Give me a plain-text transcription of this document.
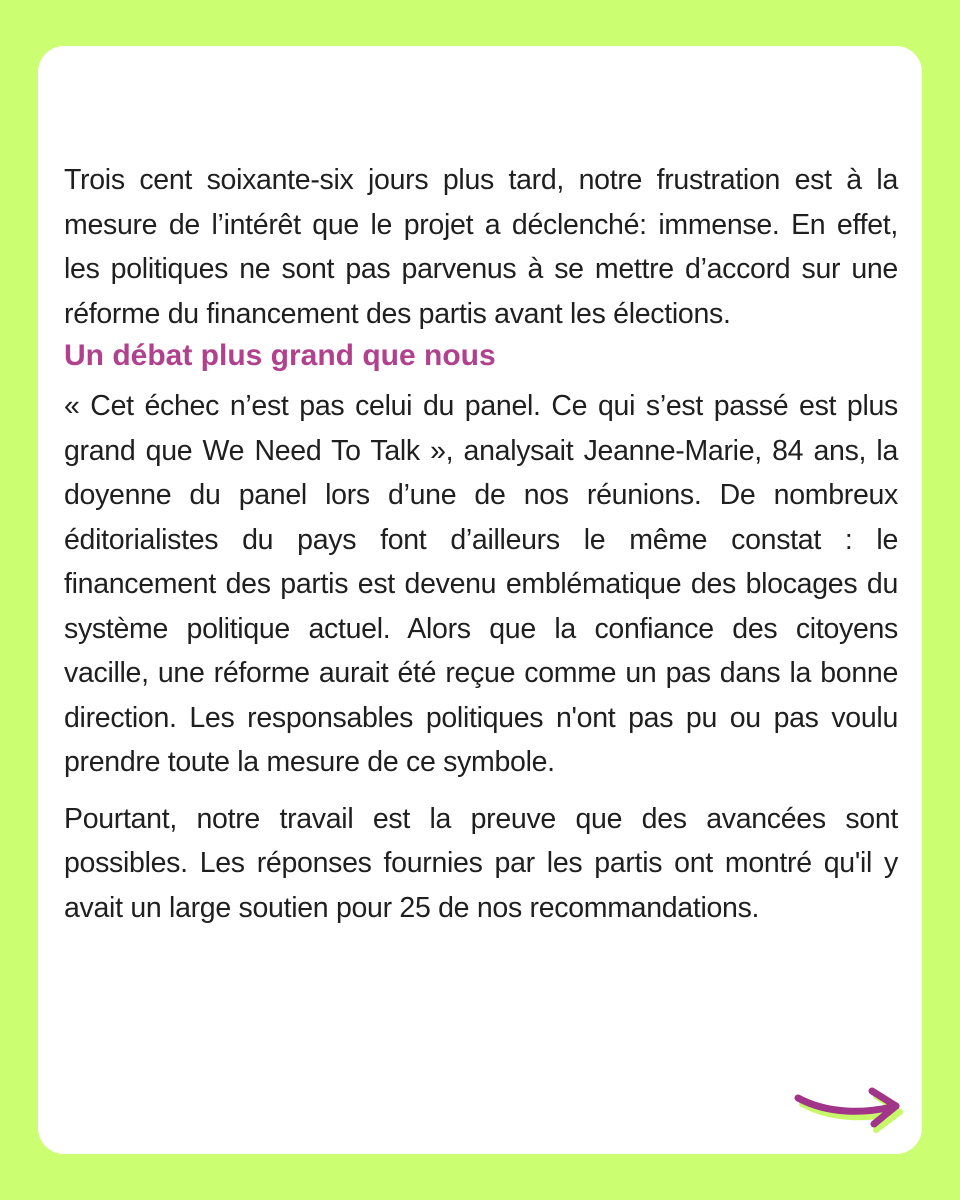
Trois cent soixante-six jours plus tard, notre frustration est à la mesure de l’intérêt que le projet a déclenché: immense. En effet, les politiques ne sont pas parvenus à se mettre d’accord sur une réforme du financement des partis avant les élections.

Un débat plus grand que nous

« Cet échec n’est pas celui du panel. Ce qui s’est passé est plus grand que We Need To Talk », analysait Jeanne-Marie, 84 ans, la doyenne du panel lors d’une de nos réunions. De nombreux éditorialistes du pays font d’ailleurs le même constat : le financement des partis est devenu emblématique des blocages du système politique actuel. Alors que la confiance des citoyens vacille, une réforme aurait été reçue comme un pas dans la bonne direction. Les responsables politiques n'ont pas pu ou pas voulu prendre toute la mesure de ce symbole.

Pourtant, notre travail est la preuve que des avancées sont possibles. Les réponses fournies par les partis ont montré qu'il y avait un large soutien pour 25 de nos recommandations.
